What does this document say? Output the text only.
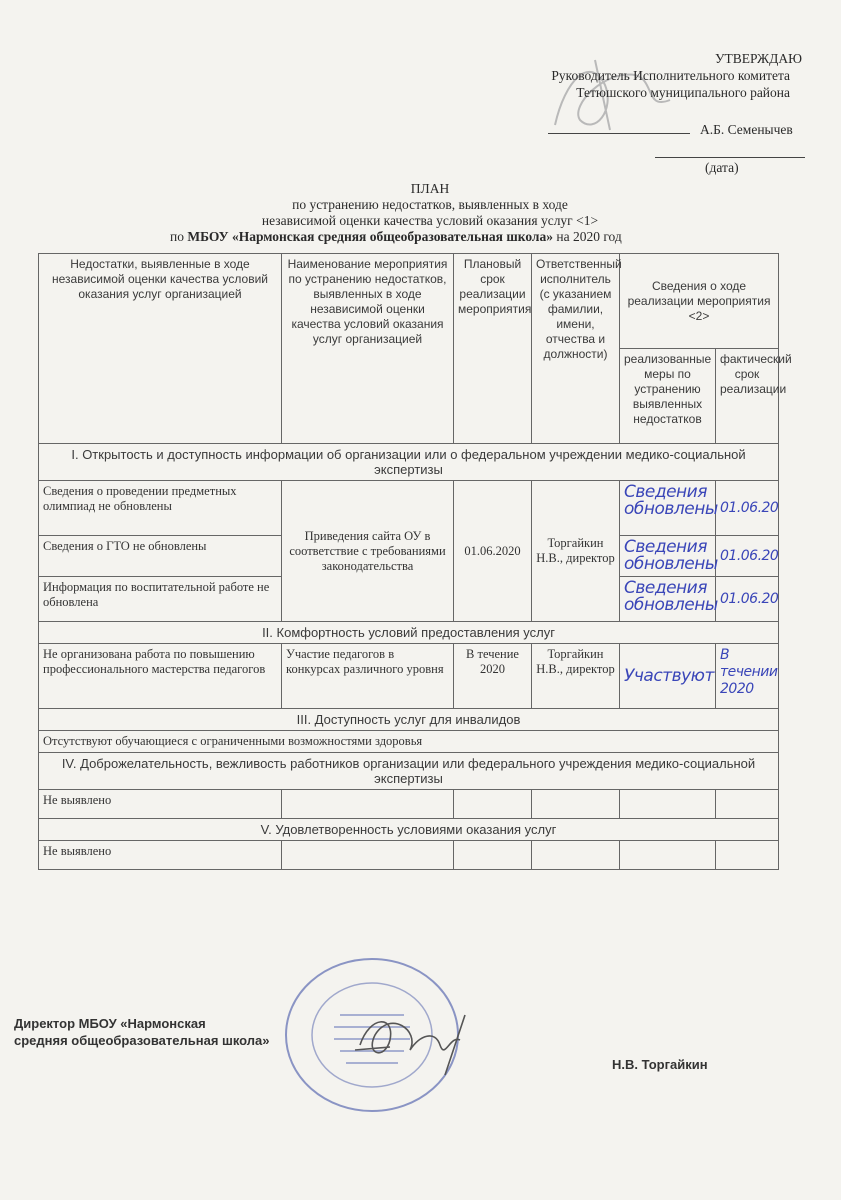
УТВЕРЖДАЮ
Руководитель Исполнительного комитета
Тетюшского муниципального района
А.Б. Семенычев
(дата)
ПЛАН
по устранению недостатков, выявленных в ходе
независимой оценки качества условий оказания услуг <1>
по МБОУ «Нармонская средняя общеобразовательная школа» на 2020 год
Недостатки, выявленные в ходе независимой оценки качества условий оказания услуг организацией	Наименование мероприятия по устранению недостатков, выявленных в ходе независимой оценки качества условий оказания услуг организацией	Плановый срок реализации мероприятия	Ответственный исполнитель (с указанием фамилии, имени, отчества и должности)	Сведения о ходе реализации мероприятия <2>	
				реализованные меры по устранению выявленных недостатков	фактический срок реализации
I. Открытость и доступность информации об организации или о федеральном учреждении медико-социальной экспертизы					
Сведения о проведении предметных олимпиад не обновлены	Приведения сайта ОУ в соответствие с требованиями законодательства	01.06.2020	Торгайкин Н.В., директор	Сведения обновлены	01.06.20
Сведения о ГТО не обновлены				Сведения обновлены	01.06.20
Информация по воспитательной работе не обновлена				Сведения обновлены	01.06.20
II. Комфортность условий предоставления услуг					
Не организована работа по повышению профессионального мастерства педагогов	Участие педагогов в конкурсах различного уровня	В течение 2020	Торгайкин Н.В., директор	Участвуют	В течении 2020
III. Доступность услуг для инвалидов					
Отсутствуют обучающиеся с ограниченными возможностями здоровья					
IV. Доброжелательность, вежливость работников организации или федерального учреждения медико-социальной экспертизы					
Не выявлено					
V. Удовлетворенность условиями оказания услуг					
Не выявлено					
Директор МБОУ «Нармонская
средняя общеобразовательная школа»
Н.В. Торгайкин
